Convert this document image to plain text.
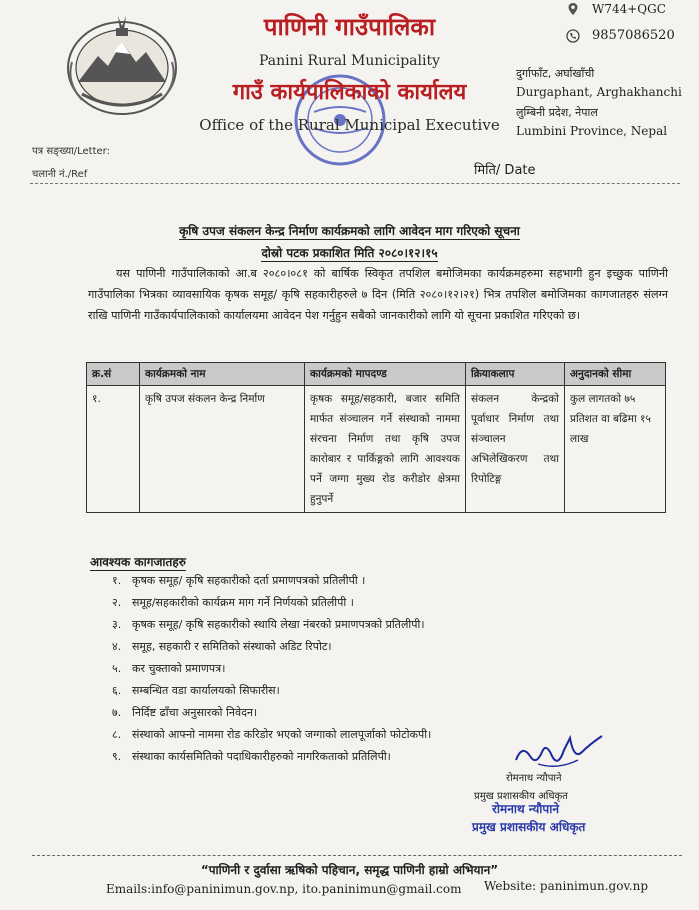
पाणिनी गाउँपालिका
Panini Rural Municipality
गाउँ कार्यपालिकाको कार्यालय
Office of the Rural Municipal Executive
W744+QGC
9857086520
दुर्गाफाँट, अर्घाखाँची
Durgaphant, Arghakhanchi
लुम्बिनी प्रदेश, नेपाल
Lumbini Province, Nepal
पत्र सङ्ख्या/Letter:
चलानी नं./Ref	मिति/ Date
कृषि उपज संकलन केन्द्र निर्माण कार्यक्रमको लागि आवेदन माग गरिएको सूचना
दोस्रो पटक प्रकाशित मिति २०८०।१२।१५
यस पाणिनी गाउँपालिकाको आ.ब २०८०।०८१ को बार्षिक स्विकृत तपशिल बमोजिमका कार्यक्रमहरुमा सहभागी हुन इच्छुक पाणिनी गाउँपालिका भित्रका व्यावसायिक कृषक समूह/ कृषि सहकारीहरुले ७ दिन (मिति २०८०।१२।२१) भित्र तपशिल बमोजिमका कागजातहरु संलग्न राखि पाणिनी गाउँकार्यपालिकाको कार्यालयमा आवेदन पेश गर्नुहुन सबैको जानकारीको लागि यो सूचना प्रकाशित गरिएको छ।
क्र.सं	कार्यक्रमको नाम	कार्यक्रमको मापदण्ड	क्रियाकलाप	अनुदानको सीमा
१.	कृषि उपज संकलन केन्द्र निर्माण	कृषक समूह/सहकारी, बजार समिति मार्फत संञ्चालन गर्ने संस्थाको नाममा संरचना निर्माण तथा कृषि उपज कारोबार र पार्किङ्गको लागि आवश्यक पर्ने जग्गा मुख्य रोड करीडोर क्षेत्रमा हुनुपर्ने	संकलन केन्द्रको पूर्वाधार निर्माण तथा संञ्चालन अभिलेखिकरण तथा रिपोटिङ्ग	कुल लागतको ७५ प्रतिशत वा बढिमा १५ लाख
आवश्यक कागजातहरु
१. कृषक समूह/ कृषि सहकारीको दर्ता प्रमाणपत्रको प्रतिलीपी ।
२. समूह/सहकारीको कार्यक्रम माग गर्ने निर्णयको प्रतिलीपी ।
३. कृषक समूह/ कृषि सहकारीको स्थायि लेखा नंबरको प्रमाणपत्रको प्रतिलीपी।
४. समूह, सहकारी र समितिको संस्थाको अडिट रिपोट।
५. कर चुक्ताको प्रमाणपत्र।
६. सम्बन्धित वडा कार्यालयको सिफारीस।
७. निर्दिष्ट ढाँचा अनुसारको निवेदन।
८. संस्थाको आफ्नो नाममा रोड करिडोर भएको जग्गाको लालपूर्जाको फोटोकपी।
९. संस्थाका कार्यसमितिको पदाधिकारीहरुको नागरिकताको प्रतिलिपी।
रोमनाथ न्यौपाने
प्रमुख प्रशासकीय अधिकृत
रोमनाथ न्यौपाने
प्रमुख प्रशासकीय अधिकृत
“पाणिनी र दुर्वासा ऋषिको पहिचान, समृद्ध पाणिनी हाम्रो अभियान”
Emails:info@paninimun.gov.np, ito.paninimun@gmail.com Website: paninimun.gov.np
